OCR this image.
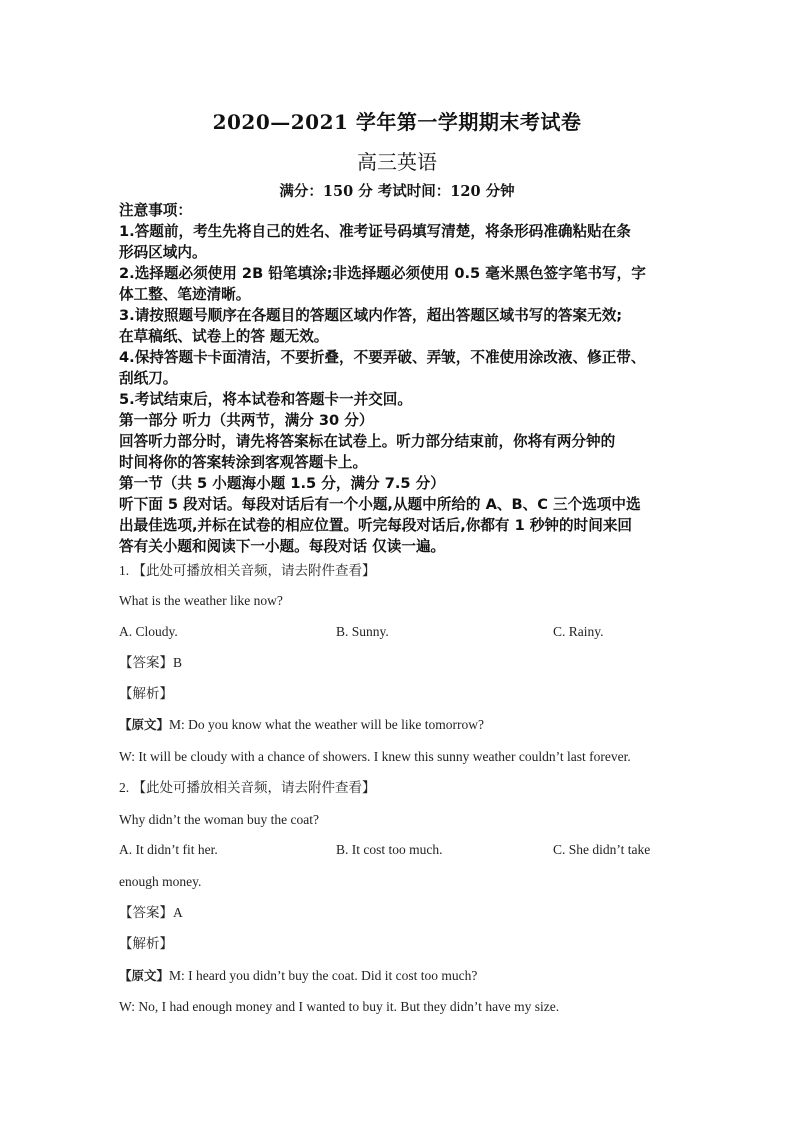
2020—2021 学年第一学期期末考试卷
高三英语
满分：150 分 考试时间：120 分钟
注意事项：
1.答题前，考生先将自己的姓名、准考证号码填写清楚，将条形码准确粘贴在条
形码区域内。
2.选择题必须使用 2B 铅笔填涂;非选择题必须使用 0.5 毫米黑色签字笔书写，字
体工整、笔迹清晰。
3.请按照题号顺序在各题目的答题区域内作答，超出答题区域书写的答案无效;
在草稿纸、试卷上的答 题无效。
4.保持答题卡卡面清洁，不要折叠，不要弄破、弄皱，不准使用涂改液、修正带、
刮纸刀。
5.考试结束后，将本试卷和答题卡一并交回。
第一部分 听力（共两节，满分 30 分）
回答听力部分时，请先将答案标在试卷上。听力部分结束前，你将有两分钟的
时间将你的答案转涂到客观答题卡上。
第一节（共 5 小题海小题 1.5 分，满分 7.5 分）
听下面 5 段对话。每段对话后有一个小题,从题中所给的 A、B、C 三个选项中选
出最佳选项,并标在试卷的相应位置。听完每段对话后,你都有 1 秒钟的时间来回
答有关小题和阅读下一小题。每段对话 仅读一遍。
1. 【此处可播放相关音频，请去附件查看】
What is the weather like now?
A. Cloudy.	B. Sunny.	C. Rainy.
【答案】B
【解析】
【原文】M: Do you know what the weather will be like tomorrow?
W: It will be cloudy with a chance of showers. I knew this sunny weather couldn’t last forever.
2. 【此处可播放相关音频，请去附件查看】
Why didn’t the woman buy the coat?
A. It didn’t fit her.	B. It cost too much.	C. She didn’t take
enough money.
【答案】A
【解析】
【原文】M: I heard you didn’t buy the coat. Did it cost too much?
W: No, I had enough money and I wanted to buy it. But they didn’t have my size.
